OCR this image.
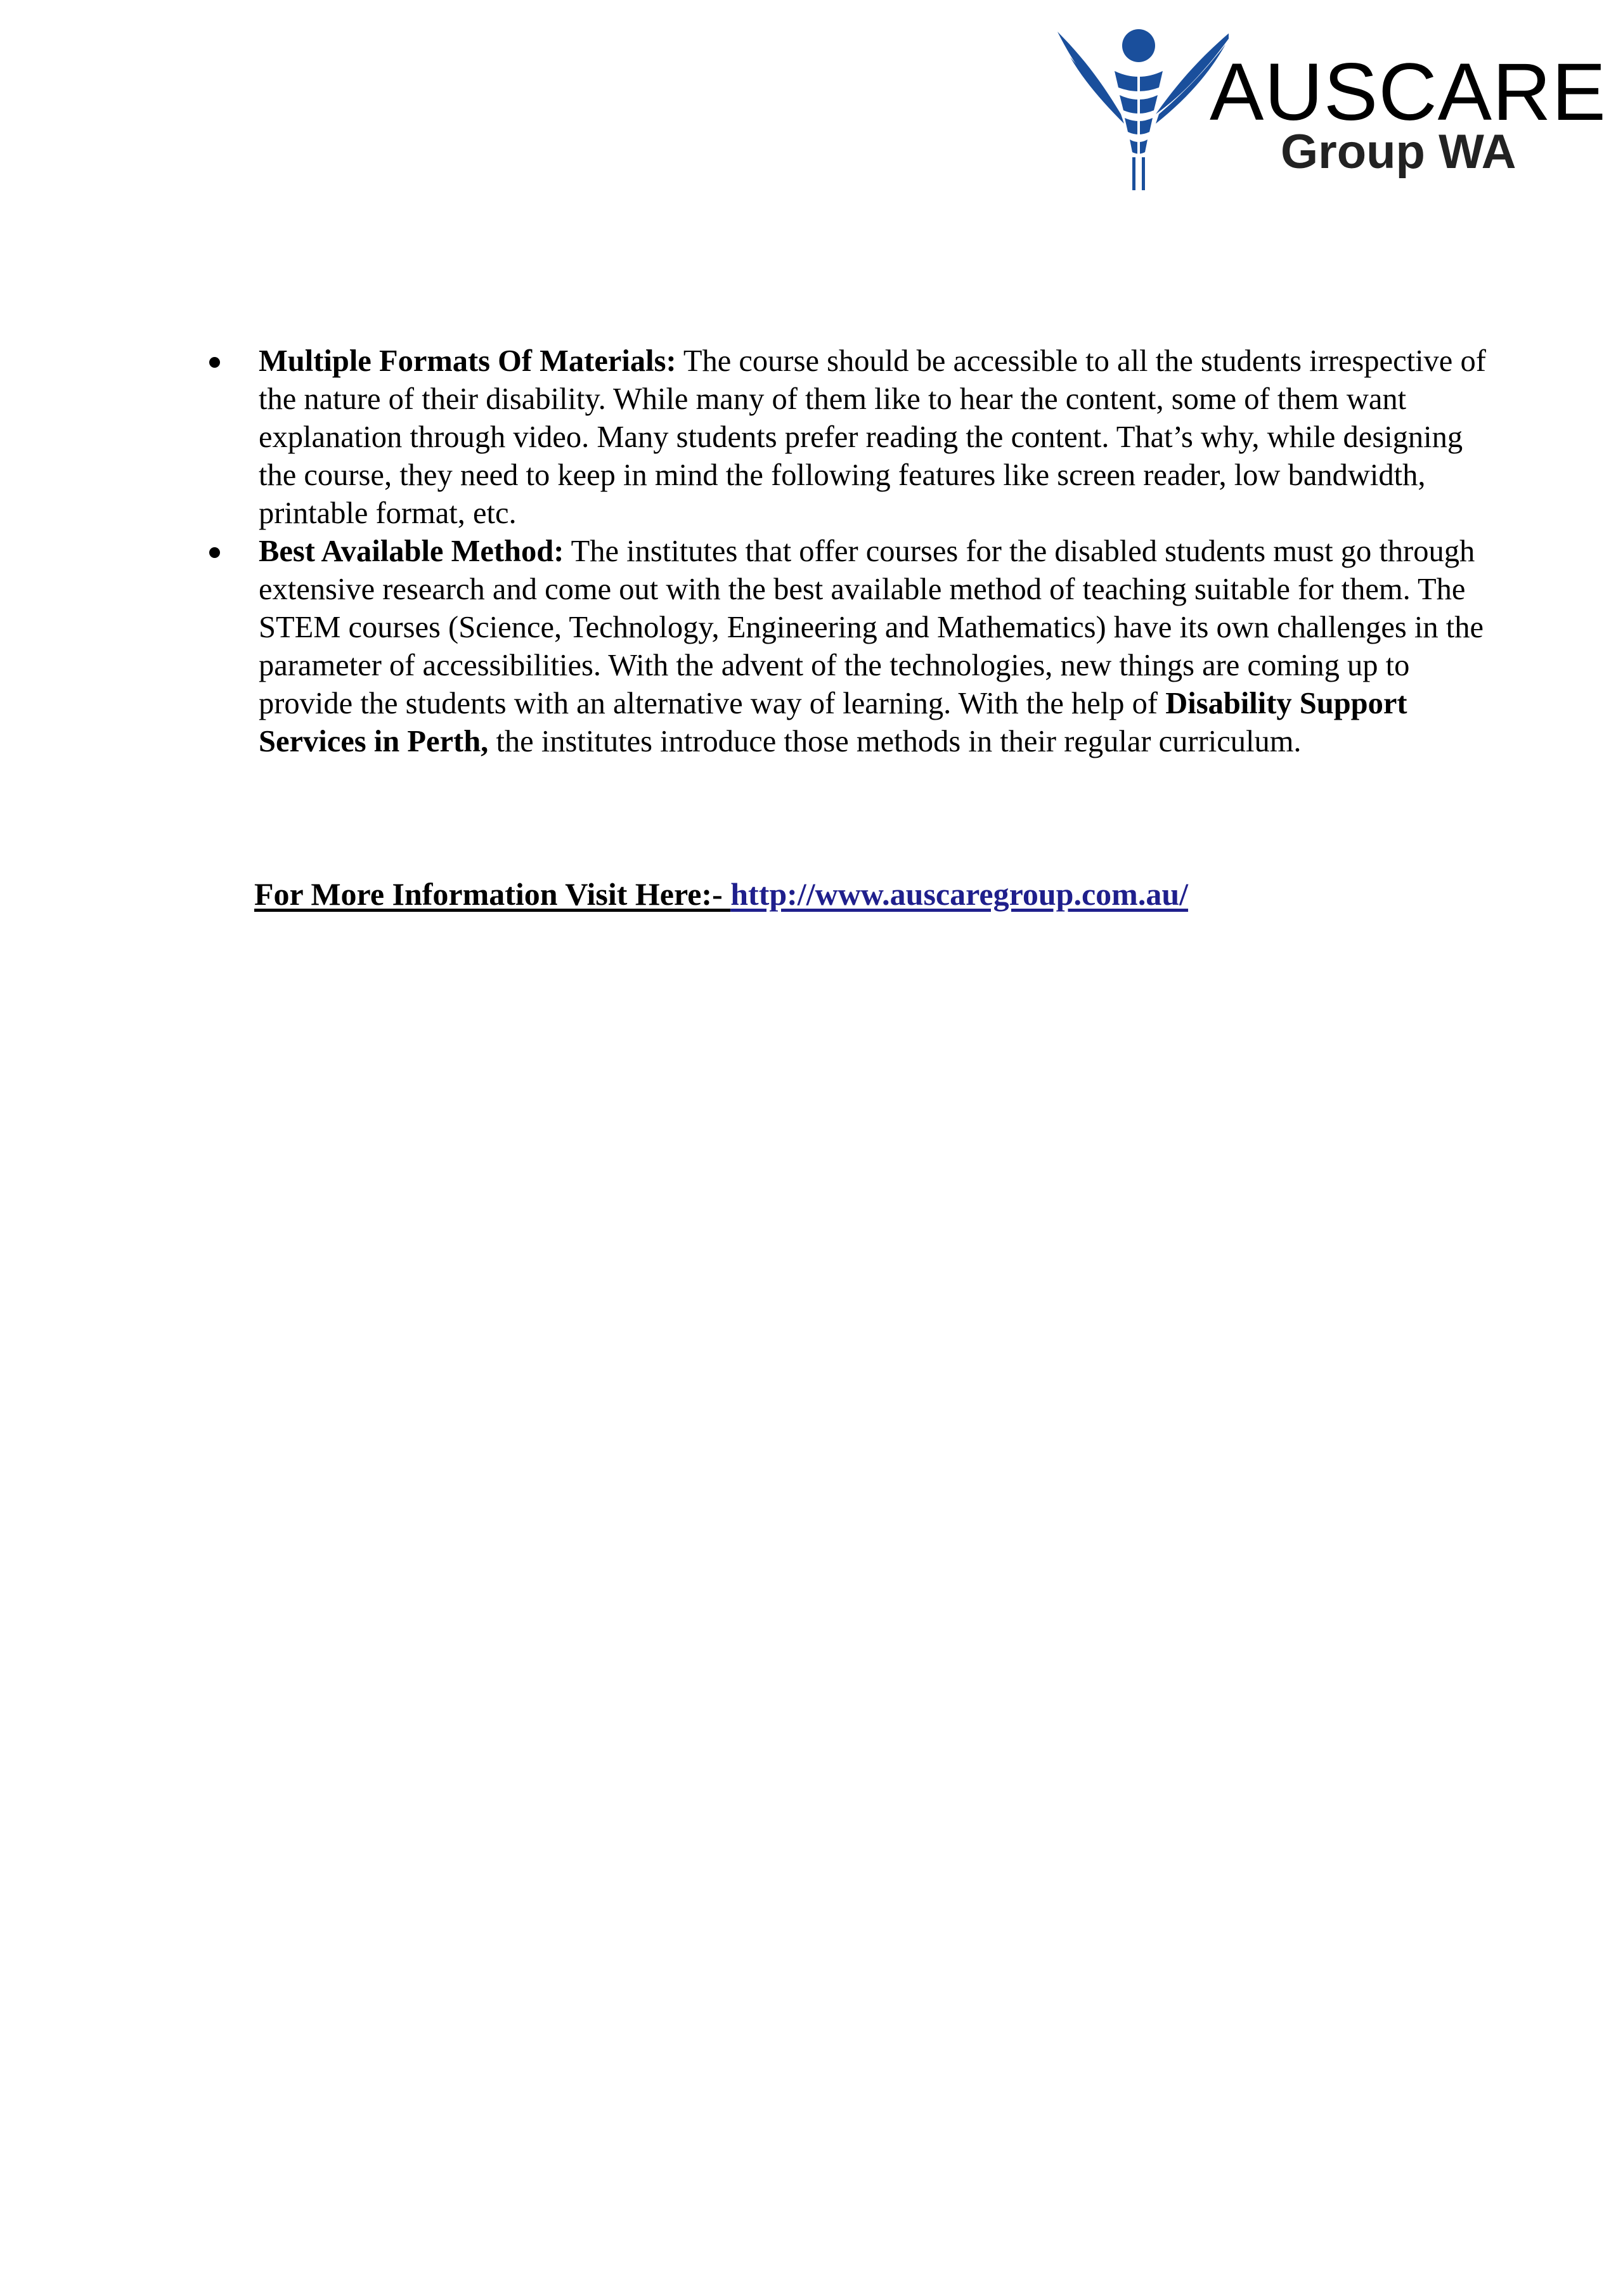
AUSCARE
Group WA
Multiple Formats Of Materials: The course should be accessible to all the students irrespective of the nature of their disability. While many of them like to hear the content, some of them want explanation through video. Many students prefer reading the content. That’s why, while designing the course, they need to keep in mind the following features like screen reader, low bandwidth, printable format, etc.
Best Available Method: The institutes that offer courses for the disabled students must go through extensive research and come out with the best available method of teaching suitable for them. The STEM courses (Science, Technology, Engineering and Mathematics) have its own challenges in the parameter of accessibilities. With the advent of the technologies, new things are coming up to provide the students with an alternative way of learning. With the help of Disability Support Services in Perth, the institutes introduce those methods in their regular curriculum.
For More Information Visit Here:- http://www.auscaregroup.com.au/
